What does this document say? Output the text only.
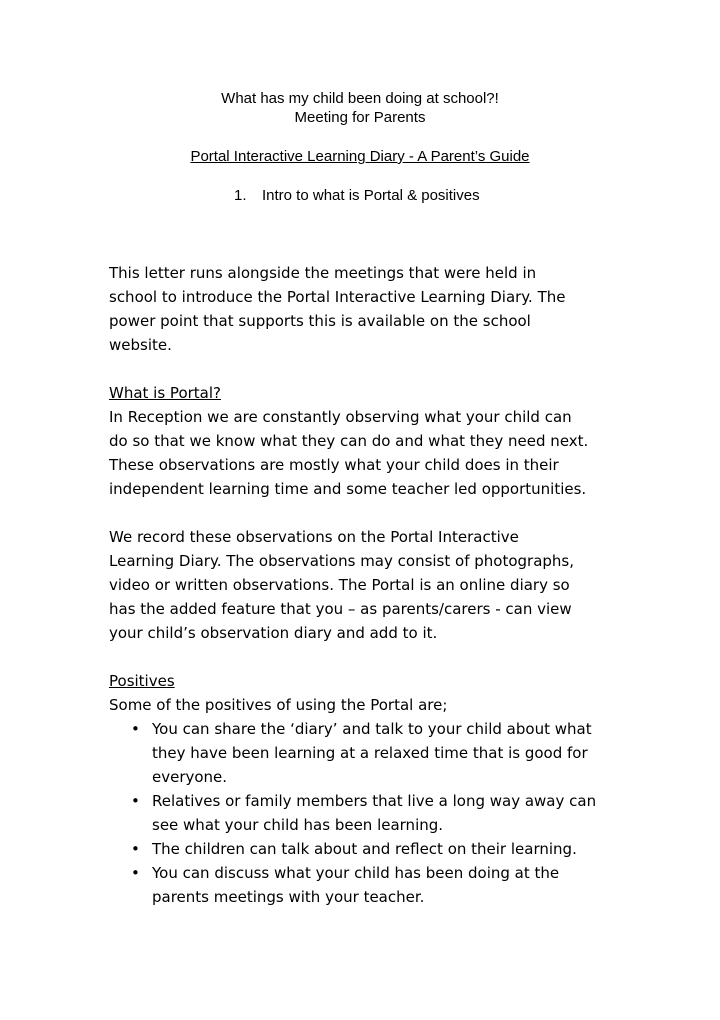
What has my child been doing at school?!
Meeting for Parents
Portal Interactive Learning Diary - A Parent’s Guide
1. Intro to what is Portal & positives

This letter runs alongside the meetings that were held in
school to introduce the Portal Interactive Learning Diary. The
power point that supports this is available on the school
website.

What is Portal?

In Reception we are constantly observing what your child can
do so that we know what they can do and what they need next.
These observations are mostly what your child does in their
independent learning time and some teacher led opportunities.

We record these observations on the Portal Interactive
Learning Diary. The observations may consist of photographs,
video or written observations. The Portal is an online diary so
has the added feature that you – as parents/carers - can view
your child’s observation diary and add to it.

Positives

Some of the positives of using the Portal are;

• You can share the ‘diary’ and talk to your child about what
they have been learning at a relaxed time that is good for
everyone.
• Relatives or family members that live a long way away can
see what your child has been learning.
• The children can talk about and reflect on their learning.
• You can discuss what your child has been doing at the
parents meetings with your teacher.
